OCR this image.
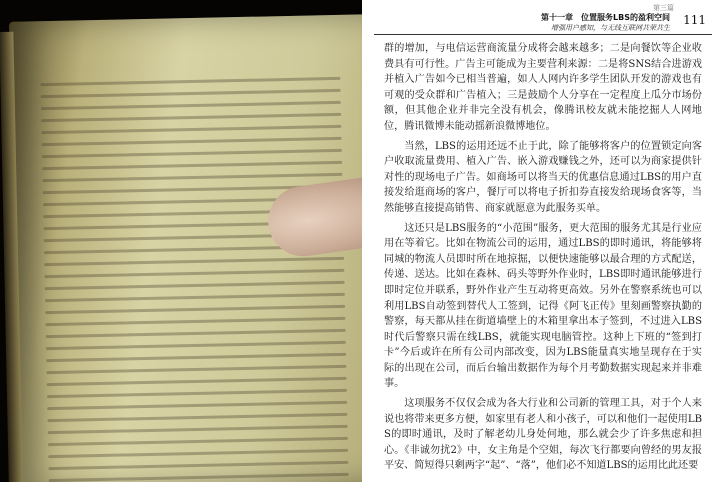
第三篇
第十一章　位置服务LBS的盈利空间
增强用户感知，与无线互联网共荣共生
111

群的增加，与电信运营商流量分成将会越来越多；二是向餐饮等企业收费具有可行性。广告主可能成为主要营利来源：二是将SNS结合进游戏并植入广告如今已相当普遍，如人人网内许多学生团队开发的游戏也有可观的受众群和广告植入；三是鼓励个人分享在一定程度上瓜分市场份额，但其他企业并非完全没有机会，像腾讯校友就未能挖掘人人网地位，腾讯微博未能动摇新浪微博地位。

当然，LBS的运用还远不止于此，除了能够将客户的位置锁定向客户收取流量费用、植入广告、嵌入游戏赚钱之外，还可以为商家提供针对性的现场电子广告。如商场可以将当天的优惠信息通过LBS的用户直接发给逛商场的客户，餐厅可以将电子折扣券直接发给现场食客等，当然能够直接提高销售、商家就愿意为此服务买单。

这还只是LBS服务的“小范围”服务，更大范围的服务尤其是行业应用在等着它。比如在物流公司的运用，通过LBS的即时通讯，将能够将同城的物流人员即时所在地掠掘，以便快速能够以最合理的方式配送，传递、送达。比如在森林、码头等野外作业时，LBS即时通讯能够进行即时定位并联系，野外作业产生互动将更高效。另外在警察系统也可以利用LBS自动签到替代人工签到，记得《阿飞正传》里刻画警察执勤的警察，每天都从挂在街道墙壁上的木箱里拿出本子签到，不过进入LBS时代后警察只需在线LBS，就能实现电脑管控。这种上下班的“签到打卡”今后或许在所有公司内部改变，因为LBS能量真实地呈现存在于实际的出现在公司，而后台输出数据作为每个月考勤数据实现起来并非难事。

这项服务不仅仅会成为各大行业和公司新的管理工具，对于个人来说也将带来更多方便，如家里有老人和小孩子，可以和他们一起使用LBS的即时通讯，及时了解老幼儿身处何地，那么就会少了许多焦虑和担心。《非诚勿扰2》中，女主角是个空姐，每次飞行都要向曾经的男友报平安、简短得只剩两字“起”、“落”，他们必不知道LBS的运用比此还要
